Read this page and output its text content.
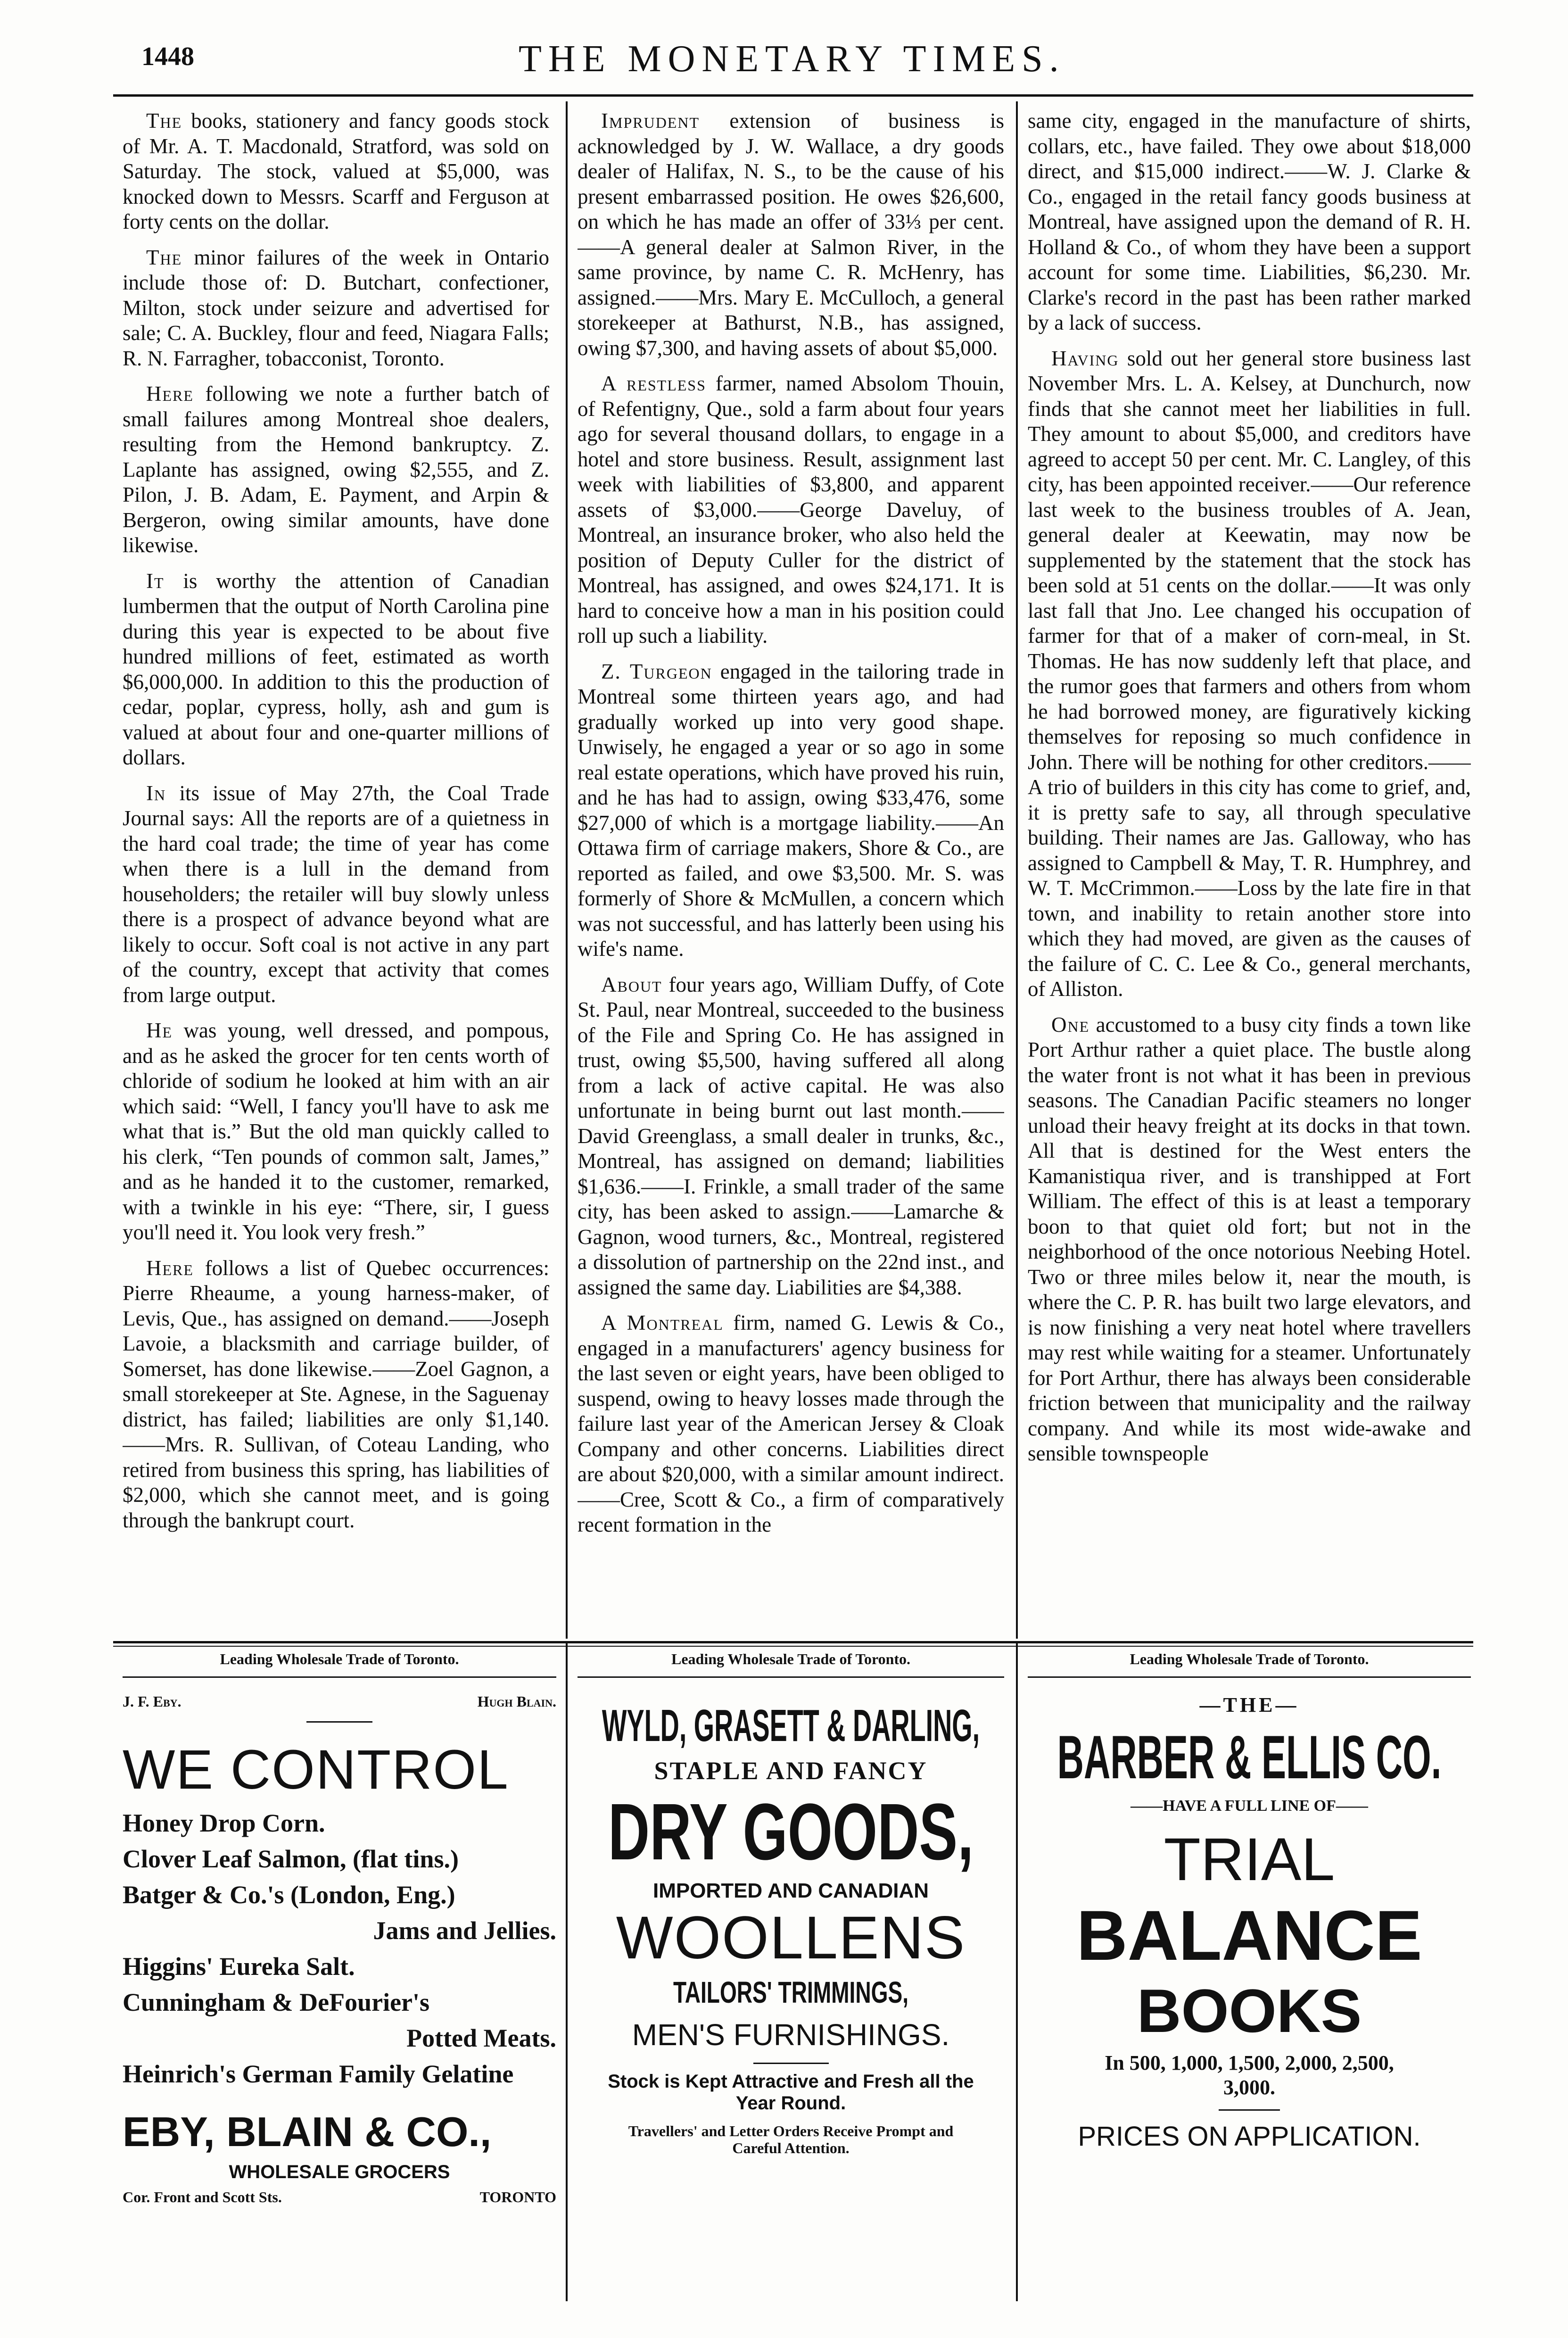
1448	THE MONETARY TIMES.

The books, stationery and fancy goods stock of Mr. A. T. Macdonald, Stratford, was sold on Saturday. The stock, valued at $5,000, was knocked down to Messrs. Scarff and Ferguson at forty cents on the dollar.

The minor failures of the week in Ontario include those of: D. Butchart, confectioner, Milton, stock under seizure and advertised for sale; C. A. Buckley, flour and feed, Niagara Falls; R. N. Farragher, tobacconist, Toronto.

Here following we note a further batch of small failures among Montreal shoe dealers, resulting from the Hemond bankruptcy. Z. Laplante has assigned, owing $2,555, and Z. Pilon, J. B. Adam, E. Payment, and Arpin & Bergeron, owing similar amounts, have done likewise.

It is worthy the attention of Canadian lumbermen that the output of North Carolina pine during this year is expected to be about five hundred millions of feet, estimated as worth $6,000,000. In addition to this the production of cedar, poplar, cypress, holly, ash and gum is valued at about four and one-quarter millions of dollars.

In its issue of May 27th, the Coal Trade Journal says: All the reports are of a quietness in the hard coal trade; the time of year has come when there is a lull in the demand from householders; the retailer will buy slowly unless there is a prospect of advance beyond what are likely to occur. Soft coal is not active in any part of the country, except that activity that comes from large output.

He was young, well dressed, and pompous, and as he asked the grocer for ten cents worth of chloride of sodium he looked at him with an air which said: “Well, I fancy you'll have to ask me what that is.” But the old man quickly called to his clerk, “Ten pounds of common salt, James,” and as he handed it to the customer, remarked, with a twinkle in his eye: “There, sir, I guess you'll need it. You look very fresh.”

Here follows a list of Quebec occurrences: Pierre Rheaume, a young harness-maker, of Levis, Que., has assigned on demand.——Joseph Lavoie, a blacksmith and carriage builder, of Somerset, has done likewise.——Zoel Gagnon, a small storekeeper at Ste. Agnese, in the Saguenay district, has failed; liabilities are only $1,140.——Mrs. R. Sullivan, of Coteau Landing, who retired from business this spring, has liabilities of $2,000, which she cannot meet, and is going through the bankrupt court.

Imprudent extension of business is acknowledged by J. W. Wallace, a dry goods dealer of Halifax, N. S., to be the cause of his present embarrassed position. He owes $26,600, on which he has made an offer of 33⅓ per cent.——A general dealer at Salmon River, in the same province, by name C. R. McHenry, has assigned.——Mrs. Mary E. McCulloch, a general storekeeper at Bathurst, N.B., has assigned, owing $7,300, and having assets of about $5,000.

A restless farmer, named Absolom Thouin, of Refentigny, Que., sold a farm about four years ago for several thousand dollars, to engage in a hotel and store business. Result, assignment last week with liabilities of $3,800, and apparent assets of $3,000.——George Daveluy, of Montreal, an insurance broker, who also held the position of Deputy Culler for the district of Montreal, has assigned, and owes $24,171. It is hard to conceive how a man in his position could roll up such a liability.

Z. Turgeon engaged in the tailoring trade in Montreal some thirteen years ago, and had gradually worked up into very good shape. Unwisely, he engaged a year or so ago in some real estate operations, which have proved his ruin, and he has had to assign, owing $33,476, some $27,000 of which is a mortgage liability.——An Ottawa firm of carriage makers, Shore & Co., are reported as failed, and owe $3,500. Mr. S. was formerly of Shore & McMullen, a concern which was not successful, and has latterly been using his wife's name.

About four years ago, William Duffy, of Cote St. Paul, near Montreal, succeeded to the business of the File and Spring Co. He has assigned in trust, owing $5,500, having suffered all along from a lack of active capital. He was also unfortunate in being burnt out last month.——David Greenglass, a small dealer in trunks, &c., Montreal, has assigned on demand; liabilities $1,636.——I. Frinkle, a small trader of the same city, has been asked to assign.——Lamarche & Gagnon, wood turners, &c., Montreal, registered a dissolution of partnership on the 22nd inst., and assigned the same day. Liabilities are $4,388.

A Montreal firm, named G. Lewis & Co., engaged in a manufacturers' agency business for the last seven or eight years, have been obliged to suspend, owing to heavy losses made through the failure last year of the American Jersey & Cloak Company and other concerns. Liabilities direct are about $20,000, with a similar amount indirect.——Cree, Scott & Co., a firm of comparatively recent formation in the

same city, engaged in the manufacture of shirts, collars, etc., have failed. They owe about $18,000 direct, and $15,000 indirect.——W. J. Clarke & Co., engaged in the retail fancy goods business at Montreal, have assigned upon the demand of R. H. Holland & Co., of whom they have been a support account for some time. Liabilities, $6,230. Mr. Clarke's record in the past has been rather marked by a lack of success.

Having sold out her general store business last November Mrs. L. A. Kelsey, at Dunchurch, now finds that she cannot meet her liabilities in full. They amount to about $5,000, and creditors have agreed to accept 50 per cent. Mr. C. Langley, of this city, has been appointed receiver.——Our reference last week to the business troubles of A. Jean, general dealer at Keewatin, may now be supplemented by the statement that the stock has been sold at 51 cents on the dollar.——It was only last fall that Jno. Lee changed his occupation of farmer for that of a maker of corn-meal, in St. Thomas. He has now suddenly left that place, and the rumor goes that farmers and others from whom he had borrowed money, are figuratively kicking themselves for reposing so much confidence in John. There will be nothing for other creditors.——A trio of builders in this city has come to grief, and, it is pretty safe to say, all through speculative building. Their names are Jas. Galloway, who has assigned to Campbell & May, T. R. Humphrey, and W. T. McCrimmon.——Loss by the late fire in that town, and inability to retain another store into which they had moved, are given as the causes of the failure of C. C. Lee & Co., general merchants, of Alliston.

One accustomed to a busy city finds a town like Port Arthur rather a quiet place. The bustle along the water front is not what it has been in previous seasons. The Canadian Pacific steamers no longer unload their heavy freight at its docks in that town. All that is destined for the West enters the Kamanistiqua river, and is transhipped at Fort William. The effect of this is at least a temporary boon to that quiet old fort; but not in the neighborhood of the once notorious Neebing Hotel. Two or three miles below it, near the mouth, is where the C. P. R. has built two large elevators, and is now finishing a very neat hotel where travellers may rest while waiting for a steamer. Unfortunately for Port Arthur, there has always been considerable friction between that municipality and the railway company. And while its most wide-awake and sensible townspeople

Leading Wholesale Trade of Toronto.	Leading Wholesale Trade of Toronto.	Leading Wholesale Trade of Toronto.
J. F. Eby.	Hugh Blain.
WE CONTROL
Honey Drop Corn.
Clover Leaf Salmon, (flat tins.)
Batger & Co.'s (London, Eng.)
Jams and Jellies.
Higgins' Eureka Salt.
Cunningham & DeFourier's
Potted Meats.
Heinrich's German Family Gelatine
EBY, BLAIN & CO.,
WHOLESALE GROCERS
Cor. Front and Scott Sts.	TORONTO
WYLD, GRASETT & DARLING,
STAPLE AND FANCY
DRY GOODS,
IMPORTED AND CANADIAN
WOOLLENS
TAILORS' TRIMMINGS,
MEN'S FURNISHINGS.
Stock is Kept Attractive and Fresh all the Year Round.
Travellers' and Letter Orders Receive Prompt and Careful Attention.
—THE—
BARBER & ELLIS CO.
——HAVE A FULL LINE OF——
TRIAL
BALANCE
BOOKS
In 500, 1,000, 1,500, 2,000, 2,500, 3,000.
PRICES ON APPLICATION.
